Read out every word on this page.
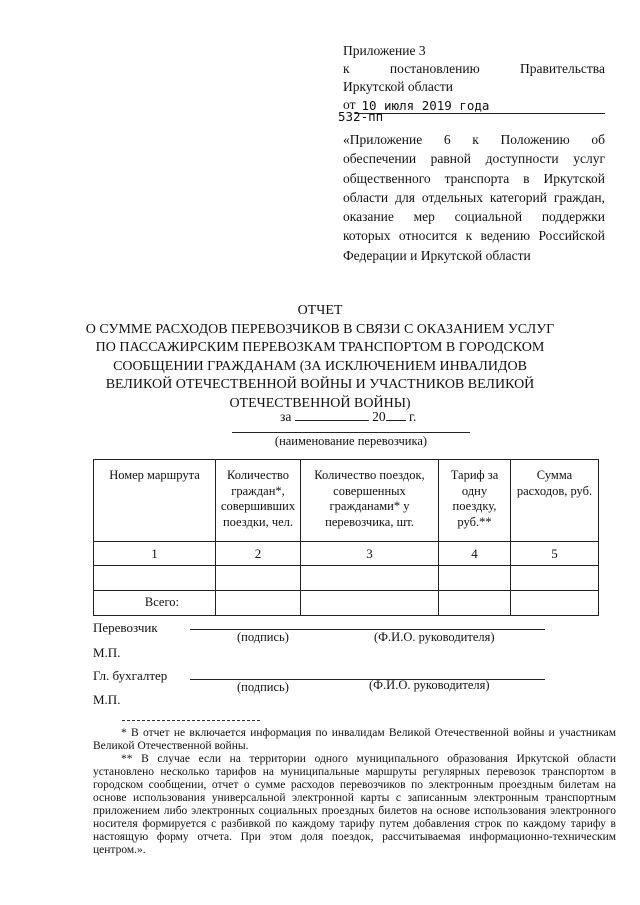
Приложение 3
к	постановлению	Правительства
Иркутской области
от 10 июля 2019 года
532-пп
«Приложение 6 к Положению об обеспечении равной доступности услуг общественного транспорта в Иркутской области для отдельных категорий граждан, оказание мер социальной поддержки которых относится к ведению Российской Федерации и Иркутской области
ОТЧЕТ
О СУММЕ РАСХОДОВ ПЕРЕВОЗЧИКОВ В СВЯЗИ С ОКАЗАНИЕМ УСЛУГ
ПО ПАССАЖИРСКИМ ПЕРЕВОЗКАМ ТРАНСПОРТОМ В ГОРОДСКОМ
СООБЩЕНИИ ГРАЖДАНАМ (ЗА ИСКЛЮЧЕНИЕМ ИНВАЛИДОВ
ВЕЛИКОЙ ОТЕЧЕСТВЕННОЙ ВОЙНЫ И УЧАСТНИКОВ ВЕЛИКОЙ
ОТЕЧЕСТВЕННОЙ ВОЙНЫ)
за	20 г.
(наименование перевозчика)
Номер маршрута	Количество граждан*, совершивших поездки, чел.	Количество поездок, совершенных гражданами* у перевозчика, шт.	Тариф за одну поездку, руб.**	Сумма расходов, руб.
1	2	3	4	5

Всего:				
Перевозчик
(подпись)	(Ф.И.О. руководителя)
М.П.
Гл. бухгалтер
(подпись)	(Ф.И.О. руководителя)
М.П.
* В отчет не включается информация по инвалидам Великой Отечественной войны и участникам Великой Отечественной войны.
** В случае если на территории одного муниципального образования Иркутской области установлено несколько тарифов на муниципальные маршруты регулярных перевозок транспортом в городском сообщении, отчет о сумме расходов перевозчиков по электронным проездным билетам на основе использования универсальной электронной карты с записанным электронным транспортным приложением либо электронных социальных проездных билетов на основе использования электронного носителя формируется с разбивкой по каждому тарифу путем добавления строк по каждому тарифу в настоящую форму отчета. При этом доля поездок, рассчитываемая информационно-техническим центром.».
